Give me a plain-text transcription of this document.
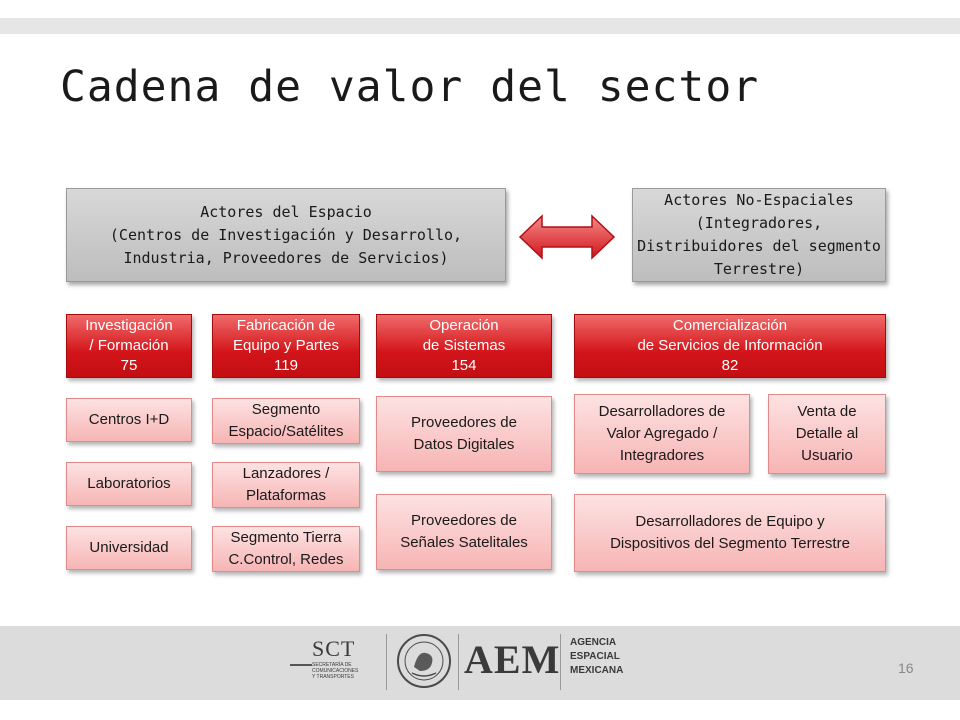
Cadena de valor del sector
Actores del Espacio
(Centros de Investigación y Desarrollo, Industria, Proveedores de Servicios)
Actores No-Espaciales
(Integradores, Distribuidores del segmento Terrestre)
Investigación
/ Formación
75
Fabricación de
Equipo y Partes
119
Operación
de Sistemas
154
Comercialización
de Servicios de Información
82
Centros I+D
Laboratorios
Universidad
Segmento
Espacio/Satélites
Lanzadores /
Plataformas
Segmento Tierra
C.Control, Redes
Proveedores de
Datos Digitales
Proveedores de
Señales Satelitales
Desarrolladores de
Valor Agregado /
Integradores
Venta de
Detalle al
Usuario
Desarrolladores de Equipo y
Dispositivos del Segmento Terrestre
SCT
SECRETARÍA DE
COMUNICACIONES
Y TRANSPORTES	AEM AGENCIA
ESPACIAL
MEXICANA	16
